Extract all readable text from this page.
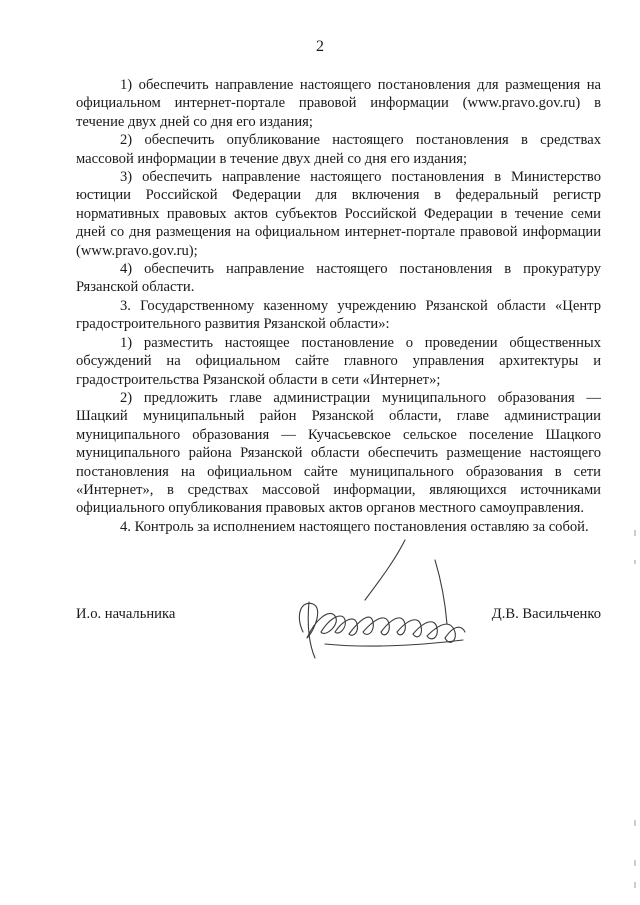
2

1) обеспечить направление настоящего постановления для размещения на официальном интернет-портале правовой информации (www.pravo.gov.ru) в течение двух дней со дня его издания;

2) обеспечить опубликование настоящего постановления в средствах массовой информации в течение двух дней со дня его издания;

3) обеспечить направление настоящего постановления в Министерство юстиции Российской Федерации для включения в федеральный регистр нормативных правовых актов субъектов Российской Федерации в течение семи дней со дня размещения на официальном интернет-портале правовой информации (www.pravo.gov.ru);

4) обеспечить направление настоящего постановления в прокуратуру Рязанской области.

3. Государственному казенному учреждению Рязанской области «Центр градостроительного развития Рязанской области»:

1) разместить настоящее постановление о проведении общественных обсуждений на официальном сайте главного управления архитектуры и градостроительства Рязанской области в сети «Интернет»;

2) предложить главе администрации муниципального образования — Шацкий муниципальный район Рязанской области, главе администрации муниципального образования — Кучасьевское сельское поселение Шацкого муниципального района Рязанской области обеспечить размещение настоящего постановления на официальном сайте муниципального образования в сети «Интернет», в средствах массовой информации, являющихся источниками официального опубликования правовых актов органов местного самоуправления.

4. Контроль за исполнением настоящего постановления оставляю за собой.

И.о. начальника	Д.В. Васильченко
